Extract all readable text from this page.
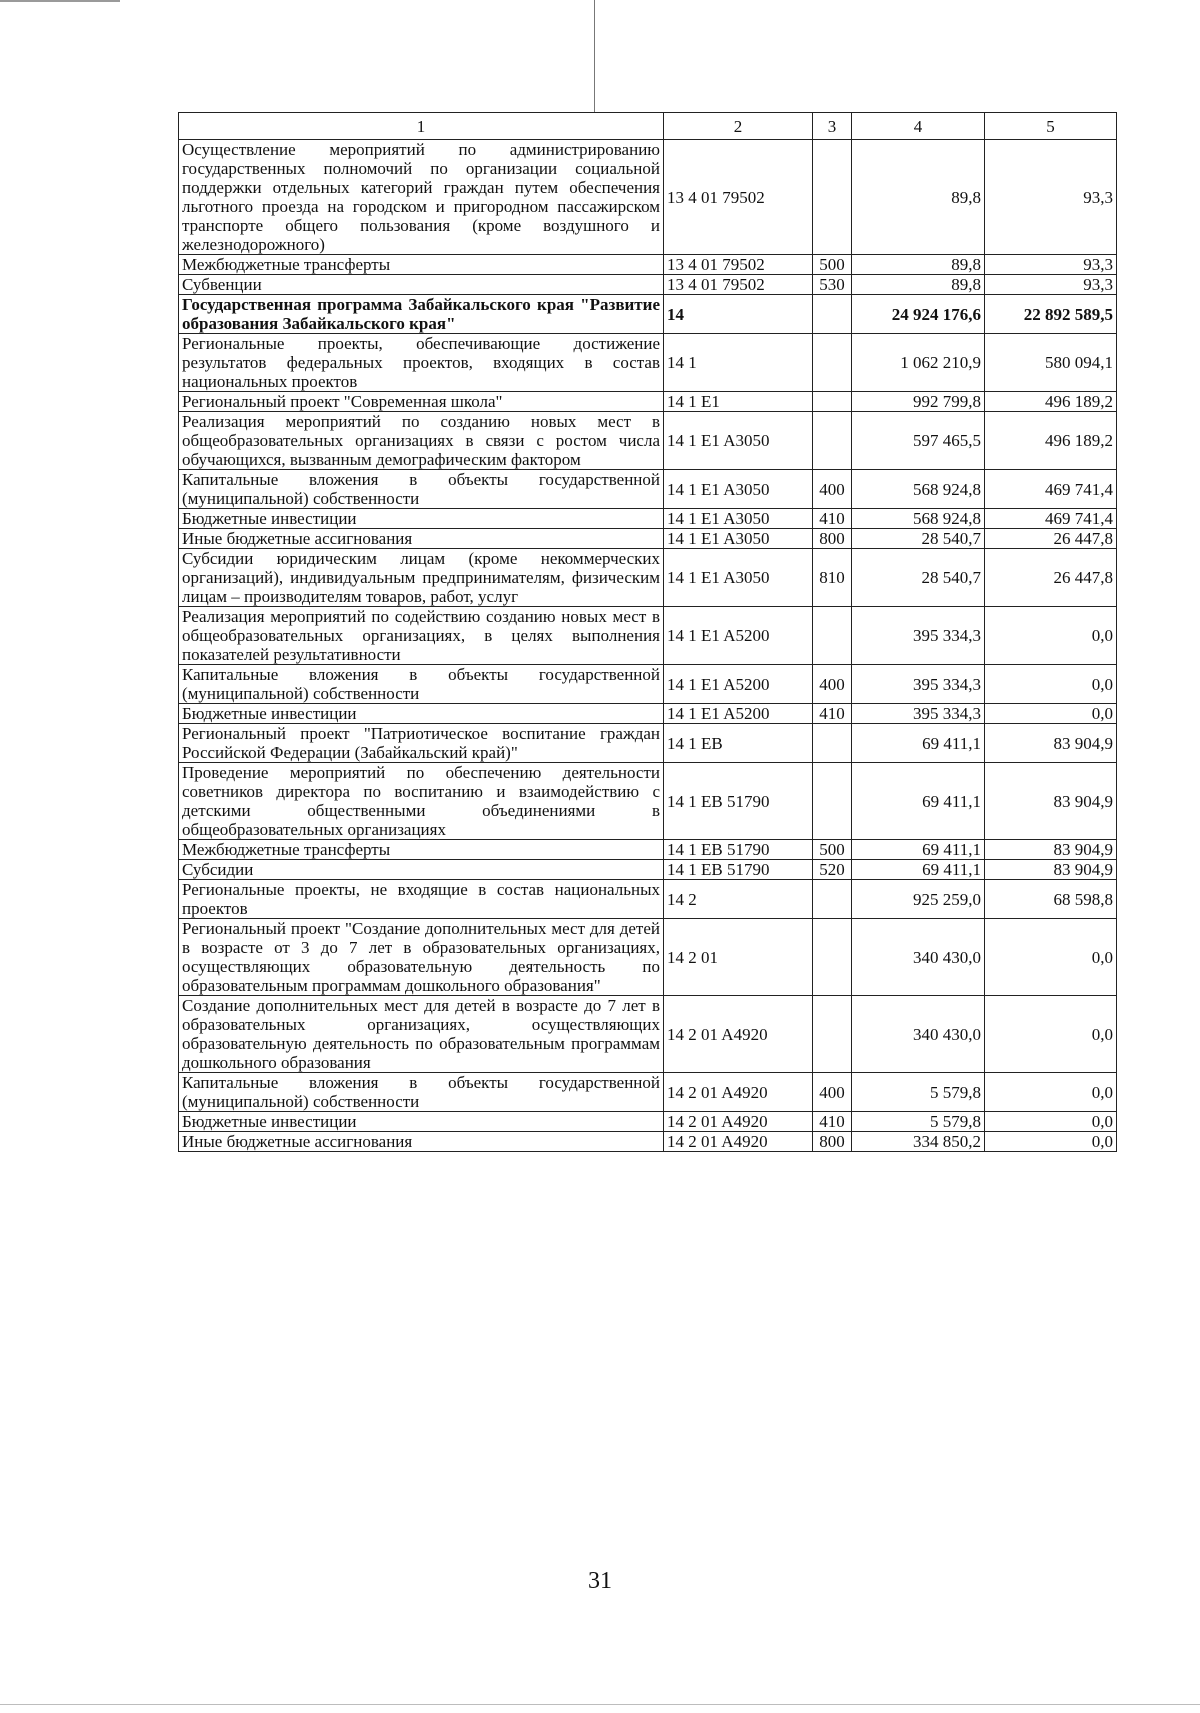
1	2	3	4	5
Осуществление мероприятий по администрированию государственных полномочий по организации социальной поддержки отдельных категорий граждан путем обеспечения льготного проезда на городском и пригородном пассажирском транспорте общего пользования (кроме воздушного и железнодорожного)	13 4 01 79502		89,8	93,3
Межбюджетные трансферты	13 4 01 79502	500	89,8	93,3
Субвенции	13 4 01 79502	530	89,8	93,3
Государственная программа Забайкальского края "Развитие образования Забайкальского края"	14		24 924 176,6	22 892 589,5
Региональные проекты, обеспечивающие достижение результатов федеральных проектов, входящих в состав национальных проектов	14 1		1 062 210,9	580 094,1
Региональный проект "Современная школа"	14 1 E1		992 799,8	496 189,2
Реализация мероприятий по созданию новых мест в общеобразовательных организациях в связи с ростом числа обучающихся, вызванным демографическим фактором	14 1 E1 A3050		597 465,5	496 189,2
Капитальные вложения в объекты государственной (муниципальной) собственности	14 1 E1 A3050	400	568 924,8	469 741,4
Бюджетные инвестиции	14 1 E1 A3050	410	568 924,8	469 741,4
Иные бюджетные ассигнования	14 1 E1 A3050	800	28 540,7	26 447,8
Субсидии юридическим лицам (кроме некоммерческих организаций), индивидуальным предпринимателям, физическим лицам – производителям товаров, работ, услуг	14 1 E1 A3050	810	28 540,7	26 447,8
Реализация мероприятий по содействию созданию новых мест в общеобразовательных организациях, в целях выполнения показателей результативности	14 1 E1 A5200		395 334,3	0,0
Капитальные вложения в объекты государственной (муниципальной) собственности	14 1 E1 A5200	400	395 334,3	0,0
Бюджетные инвестиции	14 1 E1 A5200	410	395 334,3	0,0
Региональный проект "Патриотическое воспитание граждан Российской Федерации (Забайкальский край)"	14 1 EB		69 411,1	83 904,9
Проведение мероприятий по обеспечению деятельности советников директора по воспитанию и взаимодействию с детскими общественными объединениями в общеобразовательных организациях	14 1 EB 51790		69 411,1	83 904,9
Межбюджетные трансферты	14 1 EB 51790	500	69 411,1	83 904,9
Субсидии	14 1 EB 51790	520	69 411,1	83 904,9
Региональные проекты, не входящие в состав национальных проектов	14 2		925 259,0	68 598,8
Региональный проект "Создание дополнительных мест для детей в возрасте от 3 до 7 лет в образовательных организациях, осуществляющих образовательную деятельность по образовательным программам дошкольного образования"	14 2 01		340 430,0	0,0
Создание дополнительных мест для детей в возрасте до 7 лет в образовательных организациях, осуществляющих образовательную деятельность по образовательным программам дошкольного образования	14 2 01 A4920		340 430,0	0,0
Капитальные вложения в объекты государственной (муниципальной) собственности	14 2 01 A4920	400	5 579,8	0,0
Бюджетные инвестиции	14 2 01 A4920	410	5 579,8	0,0
Иные бюджетные ассигнования	14 2 01 A4920	800	334 850,2	0,0
31
